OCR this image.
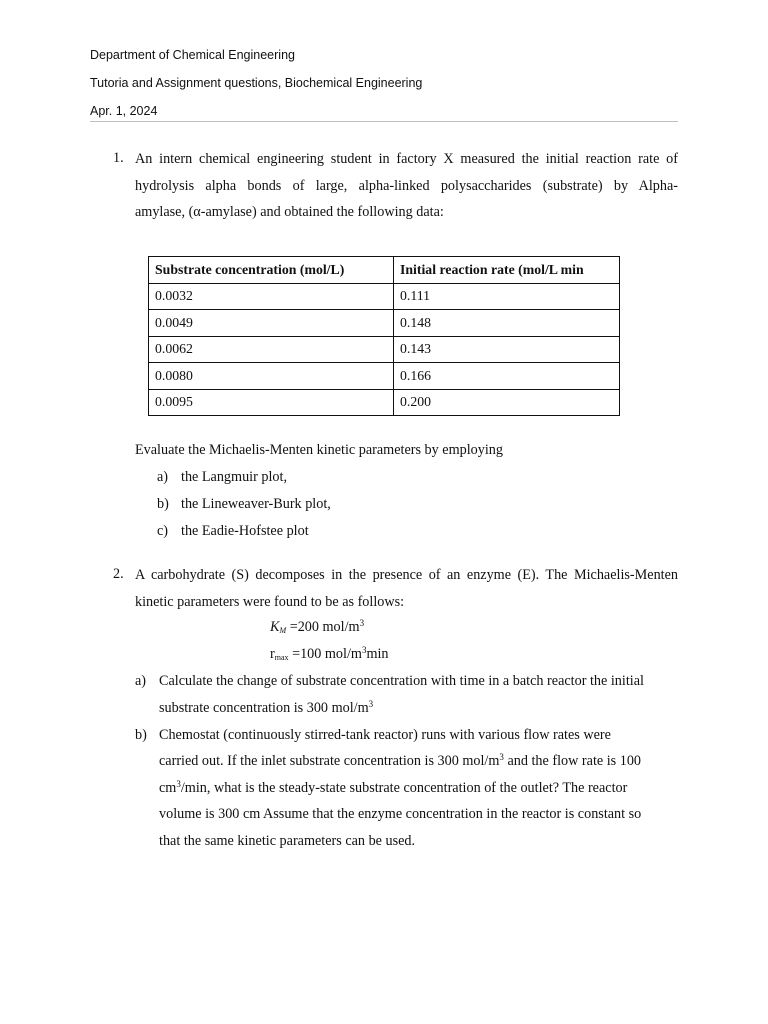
Department of Chemical Engineering
Tutoria and Assignment questions, Biochemical Engineering
Apr. 1, 2024
1. An intern chemical engineering student in factory X measured the initial reaction rate of
hydrolysis alpha bonds of large, alpha-linked polysaccharides (substrate) by Alpha-
amylase, (α-amylase) and obtained the following data:
Substrate concentration (mol/L)	Initial reaction rate (mol/L min
0.0032	0.111
0.0049	0.148
0.0062	0.143
0.0080	0.166
0.0095	0.200
Evaluate the Michaelis-Menten kinetic parameters by employing
a) the Langmuir plot,
b) the Lineweaver-Burk plot,
c) the Eadie-Hofstee plot
2. A carbohydrate (S) decomposes in the presence of an enzyme (E). The Michaelis-Menten
kinetic parameters were found to be as follows:
$K_M =200$ mol/$m^3$
$r_{max} =100$ mol/$m^3\min$
a) Calculate the change of substrate concentration with time in a batch reactor the initial
substrate concentration is 300 mol/$m^3$
b) Chemostat (continuously stirred-tank reactor) runs with various flow rates were
carried out. If the inlet substrate concentration is 300 mol/$m^3$ and the flow rate is 100
$cm^3/\min$, what is the steady-state substrate concentration of the outlet? The reactor
volume is 300 cm Assume that the enzyme concentration in the reactor is constant so
that the same kinetic parameters can be used.
